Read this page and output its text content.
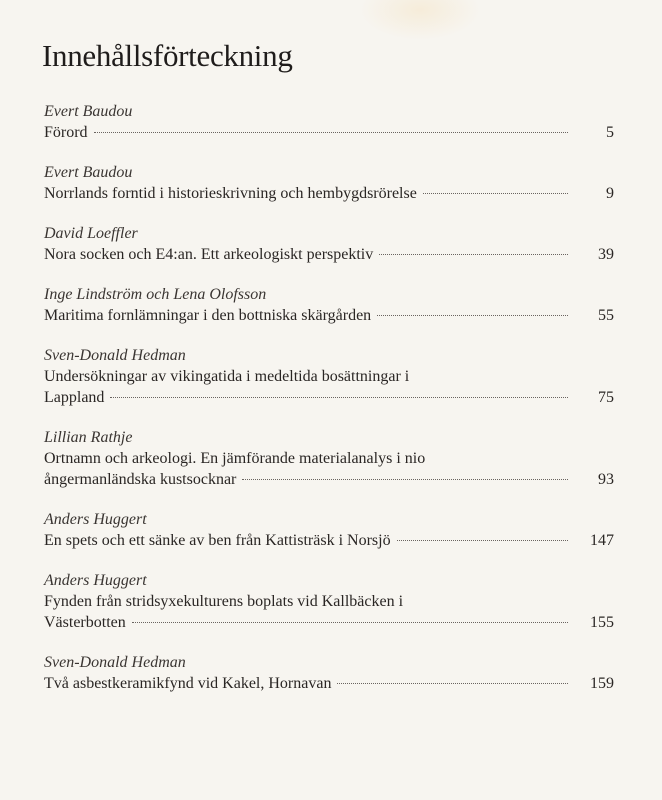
Innehållsförteckning
Evert Baudou
Förord	5
Evert Baudou
Norrlands forntid i historieskrivning och hembygdsrörelse	9
David Loeffler
Nora socken och E4:an. Ett arkeologiskt perspektiv	39
Inge Lindström och Lena Olofsson
Maritima fornlämningar i den bottniska skärgården	55
Sven-Donald Hedman
Undersökningar av vikingatida i medeltida bosättningar i
Lappland	75
Lillian Rathje
Ortnamn och arkeologi. En jämförande materialanalys i nio
ångermanländska kustsocknar	93
Anders Huggert
En spets och ett sänke av ben från Kattisträsk i Norsjö	147
Anders Huggert
Fynden från stridsyxekulturens boplats vid Kallbäcken i
Västerbotten	155
Sven-Donald Hedman
Två asbestkeramikfynd vid Kakel, Hornavan	159
